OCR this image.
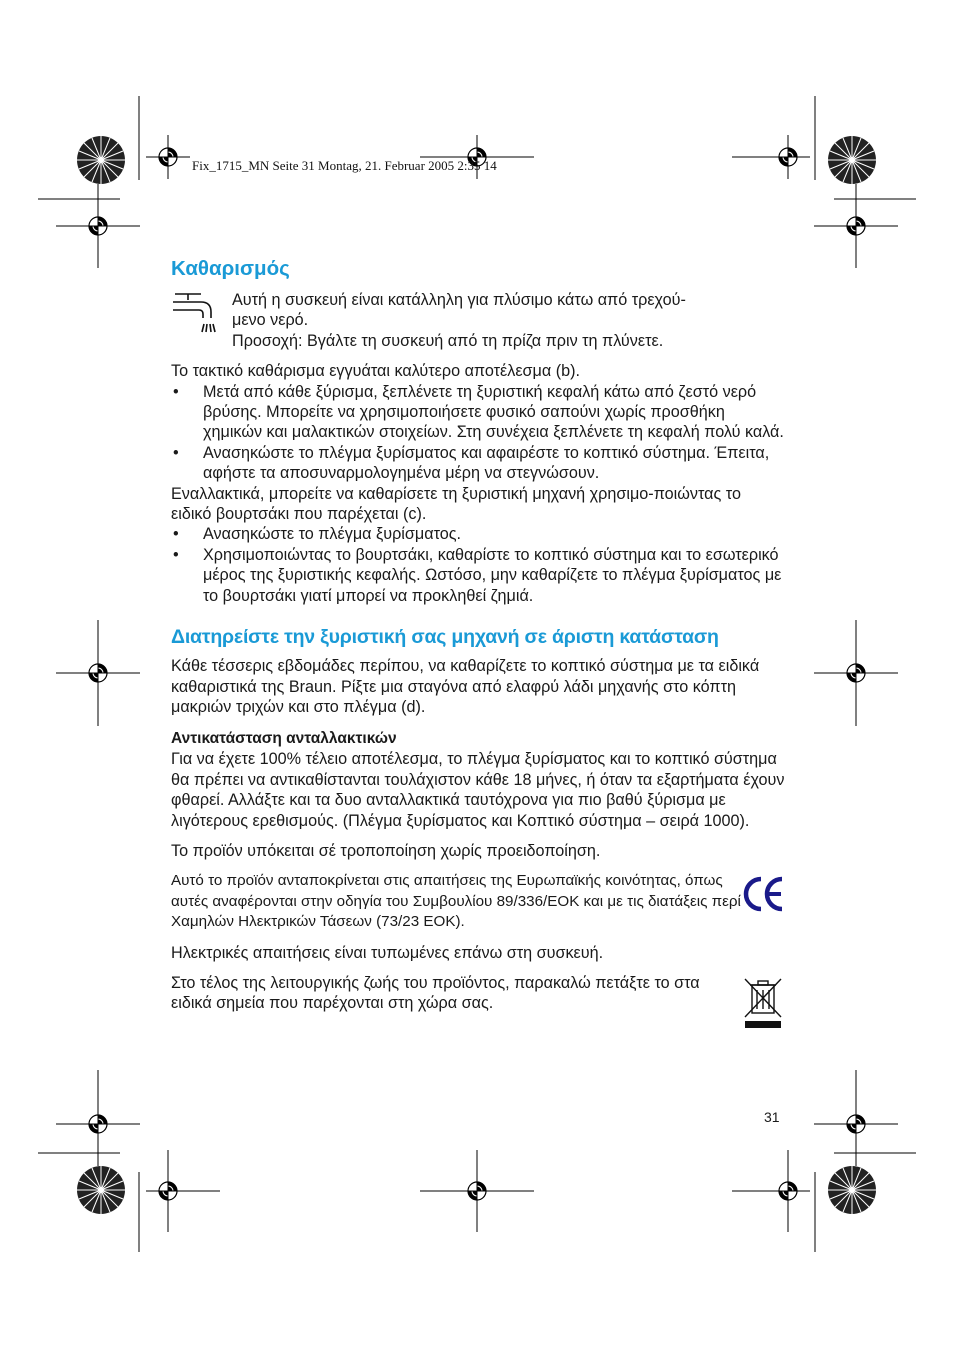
Fix_1715_MN Seite 31 Montag, 21. Februar 2005 2:35 14
Καθαρισμός

Αυτή η συσκευή είναι κατάλληλη για πλύσιμο κάτω από τρεχού-

μενο νερό.

Προσοχή: Βγάλτε τη συσκευή από τη πρίζα πριν τη πλύνετε.

Το τακτικό καθάρισμα εγγυάται καλύτερο αποτέλεσμα (b).

• Μετά από κάθε ξύρισμα, ξεπλένετε τη ξυριστική κεφαλή κάτω από ζεστό νερό βρύσης. Μπορείτε να χρησιμοποιήσετε φυσικό σαπούνι χωρίς προσθήκη χημικών και μαλακτικών στοιχείων. Στη συνέχεια ξεπλένετε τη κεφαλή πολύ καλά.
• Ανασηκώστε το πλέγμα ξυρίσματος και αφαιρέστε το κοπτικό σύστημα. Έπειτα, αφήστε τα αποσυναρμολογημένα μέρη να στεγνώσουν.

Εναλλακτικά, μπορείτε να καθαρίσετε τη ξυριστική μηχανή χρησιμο-ποιώντας το ειδικό βουρτσάκι που παρέχεται (c).

• Ανασηκώστε το πλέγμα ξυρίσματος.
• Χρησιμοποιώντας το βουρτσάκι, καθαρίστε το κοπτικό σύστημα και το εσωτερικό μέρος της ξυριστικής κεφαλής. Ωστόσο, μην καθαρίζετε το πλέγμα ξυρίσματος με το βουρτσάκι γιατί μπορεί να προκληθεί ζημιά.
Διατηρείστε την ξυριστική σας μηχανή σε άριστη κατάσταση

Κάθε τέσσερις εβδομάδες περίπου, να καθαρίζετε το κοπτικό σύστημα με τα ειδικά καθαριστικά της Braun. Ρίξτε μια σταγόνα από ελαφρύ λάδι μηχανής στο κόπτη μακριών τριχών και στο πλέγμα (d).

Αντικατάσταση ανταλλακτικών

Για να έχετε 100% τέλειο αποτέλεσμα, το πλέγμα ξυρίσματος και το κοπτικό σύστημα θα πρέπει να αντικαθίστανται τουλάχιστον κάθε 18 μήνες, ή όταν τα εξαρτήματα έχουν φθαρεί. Αλλάξτε και τα δυο ανταλλακτικά ταυτόχρονα για πιο βαθύ ξύρισμα με λιγότερους ερεθισμούς. (Πλέγμα ξυρίσματος και Κοπτικό σύστημα – σειρά 1000).

Το προϊόν υπόκειται σέ τροποποίηση χωρίς προειδοποίηση.

Αυτό το προϊόν ανταποκρίνεται στις απαιτήσεις της Ευρωπαϊκής κοινότητας, όπως αυτές αναφέρονται στην οδηγία του Συμβουλίου 89/336/ΕΟΚ και με τις διατάξεις περί Χαμηλών Ηλεκτρικών Τάσεων (73/23 ΕΟΚ).

Ηλεκτρικές απαιτήσεις είναι τυπωμένες επάνω στη συσκευή.

Στο τέλος της λειτουργικής ζωής του προϊόντος, παρακαλώ πετάξτε το στα ειδικά σημεία που παρέχονται στη χώρα σας.

31
